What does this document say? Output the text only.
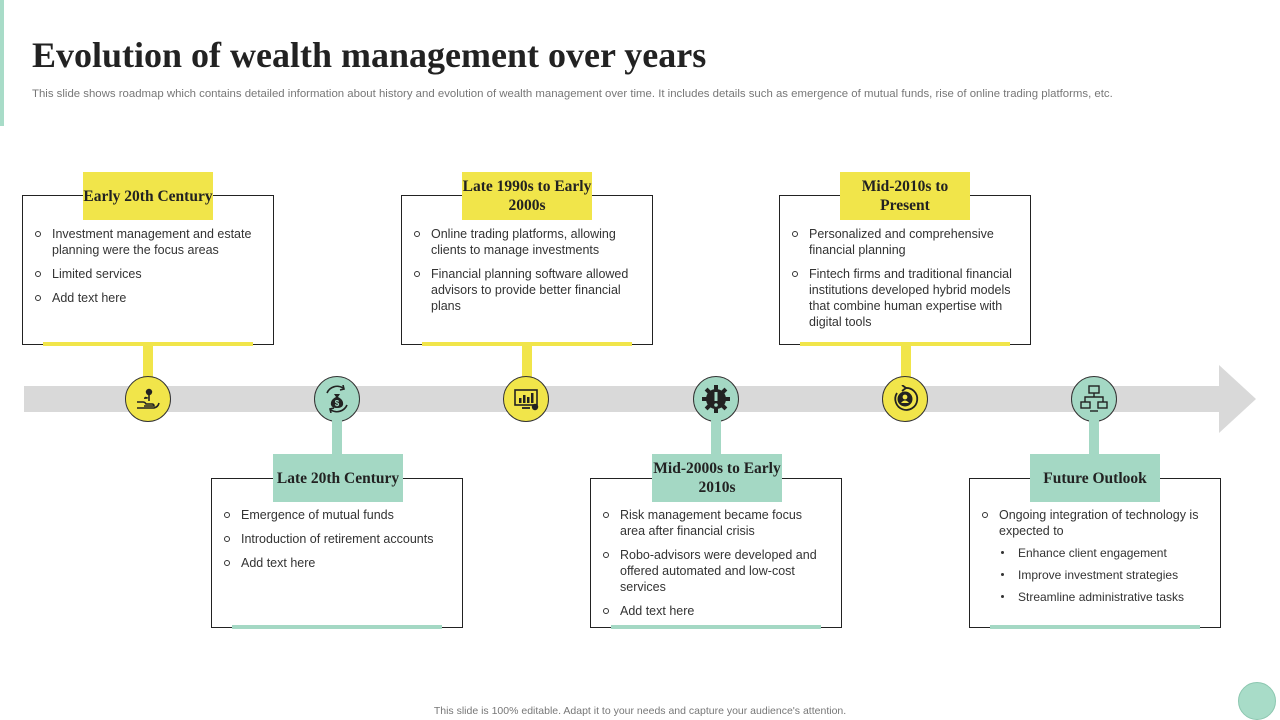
Evolution of wealth management over years
This slide shows roadmap which contains detailed information about history and evolution of wealth management over time. It includes details such as emergence of mutual funds, rise of online trading platforms, etc.
Investment management and estate planning were the focus areas
Limited services
Add text here
Early 20th Century
$
Emergence of mutual funds
Introduction of retirement accounts
Add text here
Late 20th Century
Online trading platforms, allowing clients to manage investments
Financial planning software allowed advisors to provide better financial plans
Late 1990s to Early 2000s
Risk management became focus area after financial crisis
Robo-advisors were developed and offered automated and low-cost services
Add text here
Mid-2000s to Early 2010s
Personalized and comprehensive financial planning
Fintech firms and traditional financial institutions developed hybrid models that combine human expertise with digital tools
Mid-2010s to Present
Ongoing integration of technology is expected to
Enhance client engagement
Improve investment strategies
Streamline administrative tasks
Future Outlook
This slide is 100% editable. Adapt it to your needs and capture your audience's attention.
